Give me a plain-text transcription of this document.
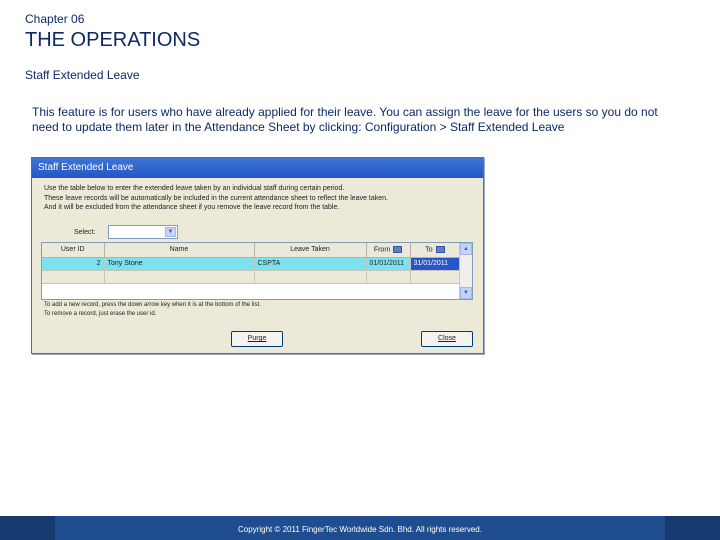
Chapter 06
THE OPERATIONS
Staff Extended Leave
This feature is for users who have already applied for their leave. You can assign the leave for the users so you do not need to update them later in the Attendance Sheet by clicking: Configuration > Staff Extended Leave
Staff Extended Leave
Use the table below to enter the extended leave taken by an individual staff during certain period.
These leave records will be automatically be included in the current attendance sheet to reflect the leave taken.
And it will be excluded from the attendance sheet if you remove the leave record from the table.
Select:	▼
User ID	Name	Leave Taken	From	To
2	Tony Stone	CSPTA	01/01/2011	31/01/2011

▲
▼
To add a new record, press the down arrow key when it is at the bottom of the list.
To remove a record, just erase the user id.
Purge	Close
Copyright © 2011 FingerTec Worldwide Sdn. Bhd. All rights reserved.
